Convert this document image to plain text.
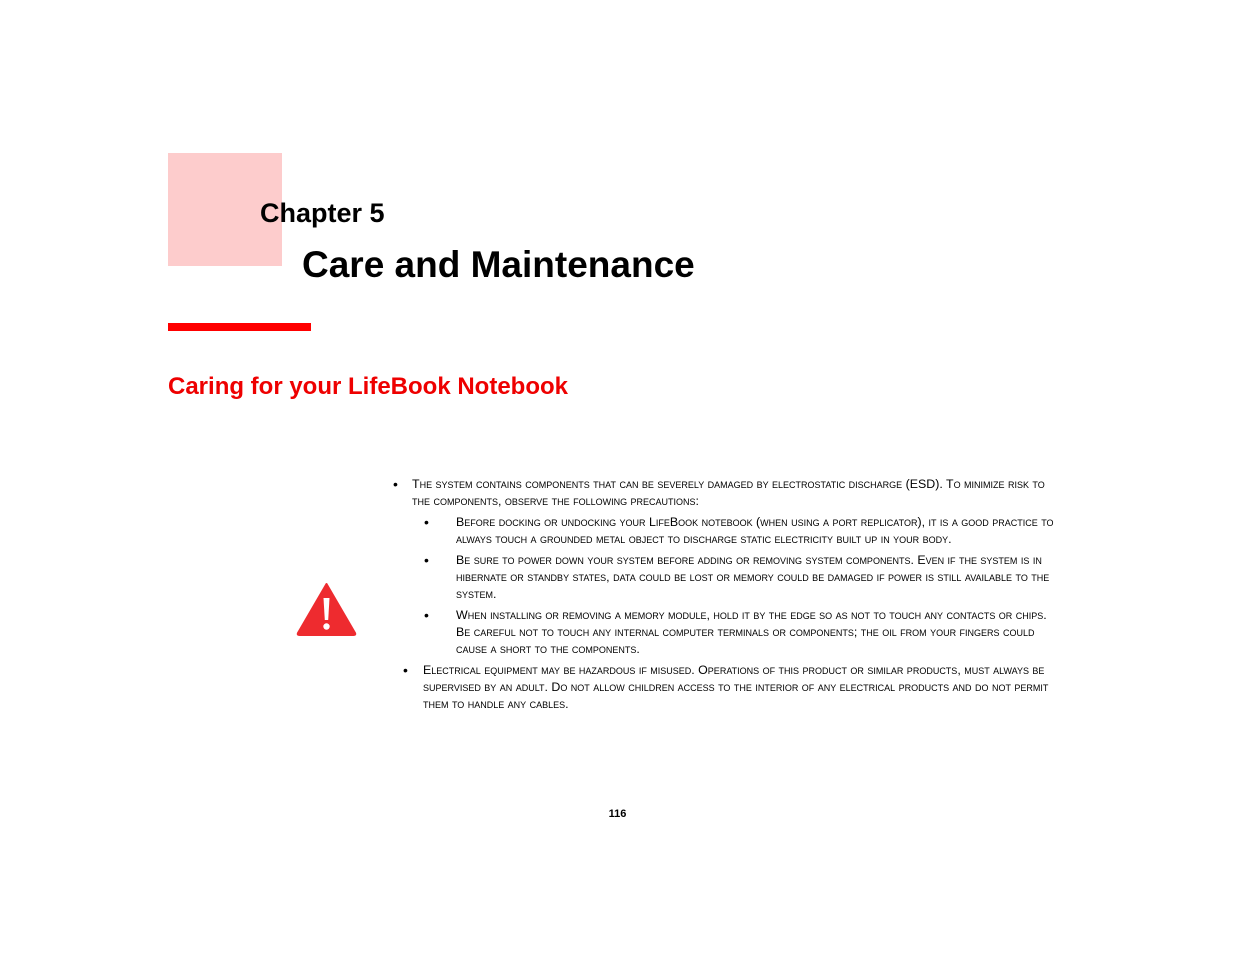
Chapter 5
Care and Maintenance
Caring for your LifeBook Notebook
• The system contains components that can be severely damaged by electrostatic discharge (ESD). To minimize risk to the components, observe the following precautions:
• Before docking or undocking your LifeBook notebook (when using a port replicator), it is a good practice to always touch a grounded metal object to discharge static electricity built up in your body.
• Be sure to power down your system before adding or removing system components. Even if the system is in hibernate or standby states, data could be lost or memory could be damaged if power is still available to the system.
• When installing or removing a memory module, hold it by the edge so as not to touch any contacts or chips. Be careful not to touch any internal computer terminals or components; the oil from your fingers could cause a short to the components.
• Electrical equipment may be hazardous if misused. Operations of this product or similar products, must always be supervised by an adult. Do not allow children access to the interior of any electrical products and do not permit them to handle any cables.
116
